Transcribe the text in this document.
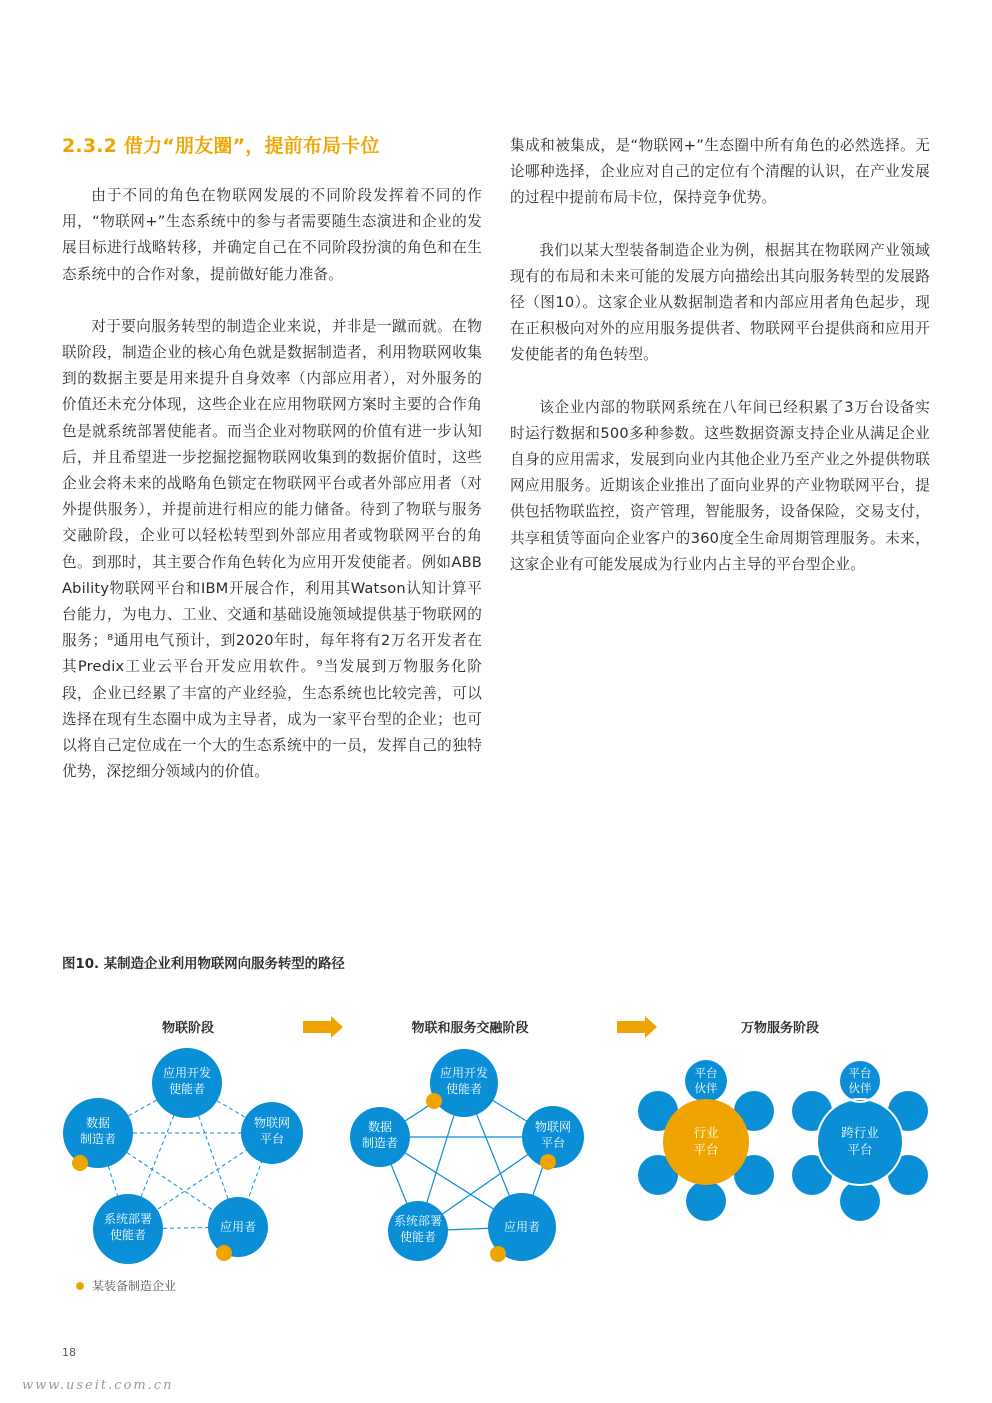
2.3.2 借力“朋友圈”，提前布局卡位

由于不同的角色在物联网发展的不同阶段发挥着不同的作用，“物联网+”生态系统中的参与者需要随生态演进和企业的发展目标进行战略转移，并确定自己在不同阶段扮演的角色和在生态系统中的合作对象，提前做好能力准备。

对于要向服务转型的制造企业来说，并非是一蹴而就。在物联阶段，制造企业的核心角色就是数据制造者，利用物联网收集到的数据主要是用来提升自身效率（内部应用者），对外服务的价值还未充分体现，这些企业在应用物联网方案时主要的合作角色是就系统部署使能者。而当企业对物联网的价值有进一步认知后，并且希望进一步挖掘挖掘物联网收集到的数据价值时，这些企业会将未来的战略角色锁定在物联网平台或者外部应用者（对外提供服务），并提前进行相应的能力储备。待到了物联与服务交融阶段，企业可以轻松转型到外部应用者或物联网平台的角色。到那时，其主要合作角色转化为应用开发使能者。例如ABB Ability物联网平台和IBM开展合作，利用其Watson认知计算平台能力，为电力、工业、交通和基础设施领域提供基于物联网的服务；⁸通用电气预计，到2020年时，每年将有2万名开发者在其Predix工业云平台开发应用软件。⁹当发展到万物服务化阶段，企业已经累了丰富的产业经验，生态系统也比较完善，可以选择在现有生态圈中成为主导者，成为一家平台型的企业；也可以将自己定位成在一个大的生态系统中的一员，发挥自己的独特优势，深挖细分领域内的价值。

集成和被集成，是“物联网+”生态圈中所有角色的必然选择。无论哪种选择，企业应对自己的定位有个清醒的认识，在产业发展的过程中提前布局卡位，保持竞争优势。

我们以某大型装备制造企业为例，根据其在物联网产业领域现有的布局和未来可能的发展方向描绘出其向服务转型的发展路径（图10）。这家企业从数据制造者和内部应用者角色起步，现在正积极向对外的应用服务提供者、物联网平台提供商和应用开发使能者的角色转型。

该企业内部的物联网系统在八年间已经积累了3万台设备实时运行数据和500多种参数。这些数据资源支持企业从满足企业自身的应用需求，发展到向业内其他企业乃至产业之外提供物联网应用服务。近期该企业推出了面向业界的产业物联网平台，提供包括物联监控，资产管理，智能服务，设备保险，交易支付，共享租赁等面向企业客户的360度全生命周期管理服务。未来，这家企业有可能发展成为行业内占主导的平台型企业。

图10. 某制造企业利用物联网向服务转型的路径
物联阶段	物联和服务交融阶段	万物服务阶段
应用开发
使能者
数据
制造者
物联网
平台
系统部署
使能者
应用者
应用开发
使能者
数据
制造者
物联网
平台
系统部署
使能者
应用者
平台
伙伴
行业
平台
平台
伙伴
跨行业
平台
某装备制造企业
18
www.useit.com.cn
